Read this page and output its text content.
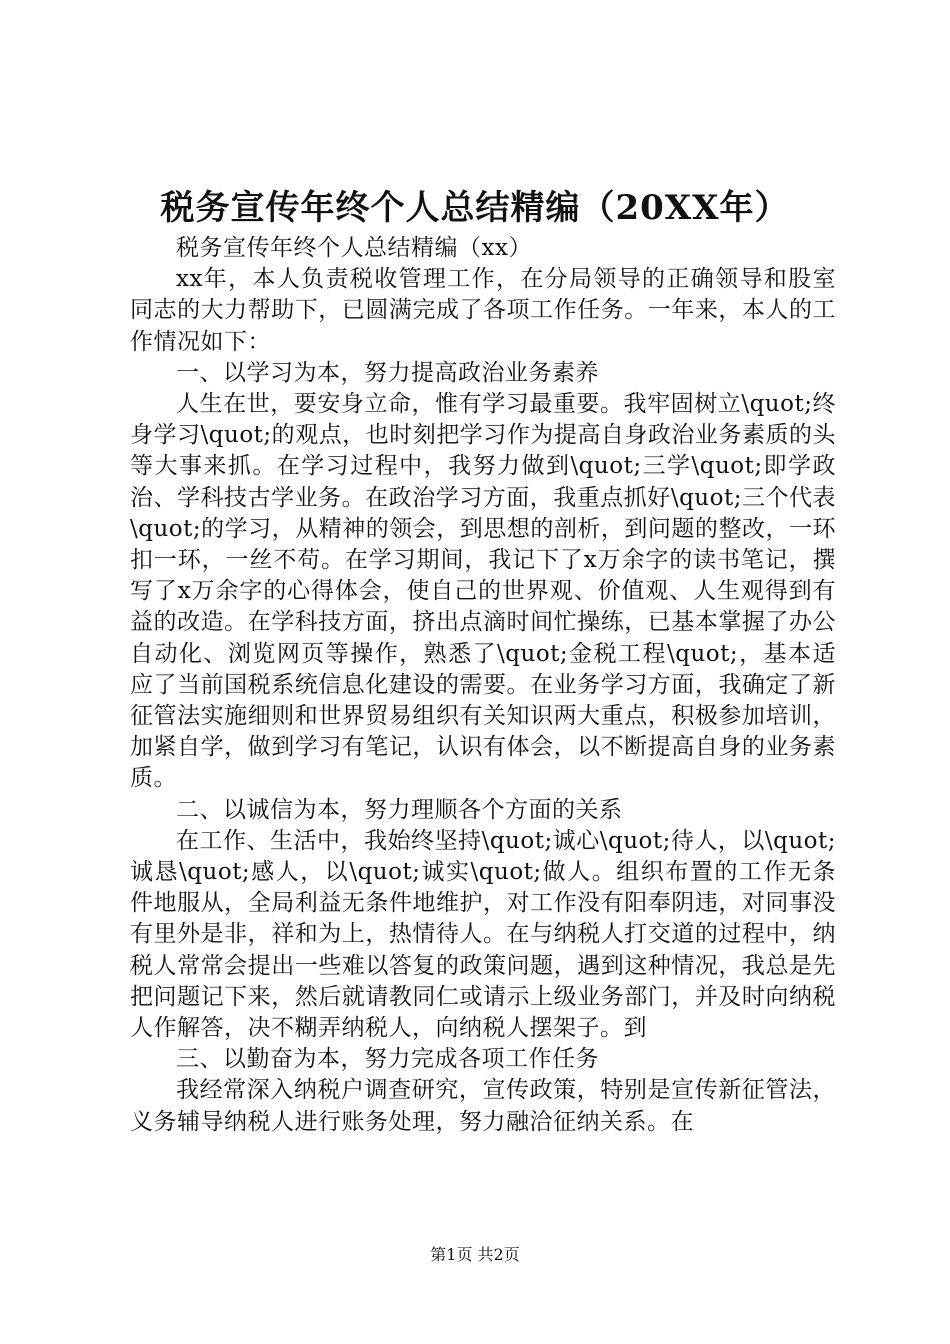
税务宣传年终个人总结精编（20XX年）

税务宣传年终个人总结精编（xx）

xx年，本人负责税收管理工作，在分局领导的正确领导和股室同志的大力帮助下，已圆满完成了各项工作任务。一年来，本人的工作情况如下：

一、以学习为本，努力提高政治业务素养

人生在世，要安身立命，惟有学习最重要。我牢固树立\quot;终身学习\quot;的观点，也时刻把学习作为提高自身政治业务素质的头等大事来抓。在学习过程中，我努力做到\quot;三学\quot;即学政治、学科技古学业务。在政治学习方面，我重点抓好\quot;三个代表\quot;的学习，从精神的领会，到思想的剖析，到问题的整改，一环扣一环，一丝不苟。在学习期间，我记下了x万余字的读书笔记，撰写了x万余字的心得体会，使自己的世界观、价值观、人生观得到有益的改造。在学科技方面，挤出点滴时间忙操练，已基本掌握了办公自动化、浏览网页等操作，熟悉了\quot;金税工程\quot;，基本适应了当前国税系统信息化建设的需要。在业务学习方面，我确定了新征管法实施细则和世界贸易组织有关知识两大重点，积极参加培训，加紧自学，做到学习有笔记，认识有体会，以不断提高自身的业务素质。

二、以诚信为本，努力理顺各个方面的关系

在工作、生活中，我始终坚持\quot;诚心\quot;待人，以\quot;诚恳\quot;感人，以\quot;诚实\quot;做人。组织布置的工作无条件地服从，全局利益无条件地维护，对工作没有阳奉阴违，对同事没有里外是非，祥和为上，热情待人。在与纳税人打交道的过程中，纳税人常常会提出一些难以答复的政策问题，遇到这种情况，我总是先把问题记下来，然后就请教同仁或请示上级业务部门，并及时向纳税人作解答，决不糊弄纳税人，向纳税人摆架子。到

三、以勤奋为本，努力完成各项工作任务

我经常深入纳税户调查研究，宣传政策，特别是宣传新征管法，义务辅导纳税人进行账务处理，努力融洽征纳关系。在

第1页 共2页
